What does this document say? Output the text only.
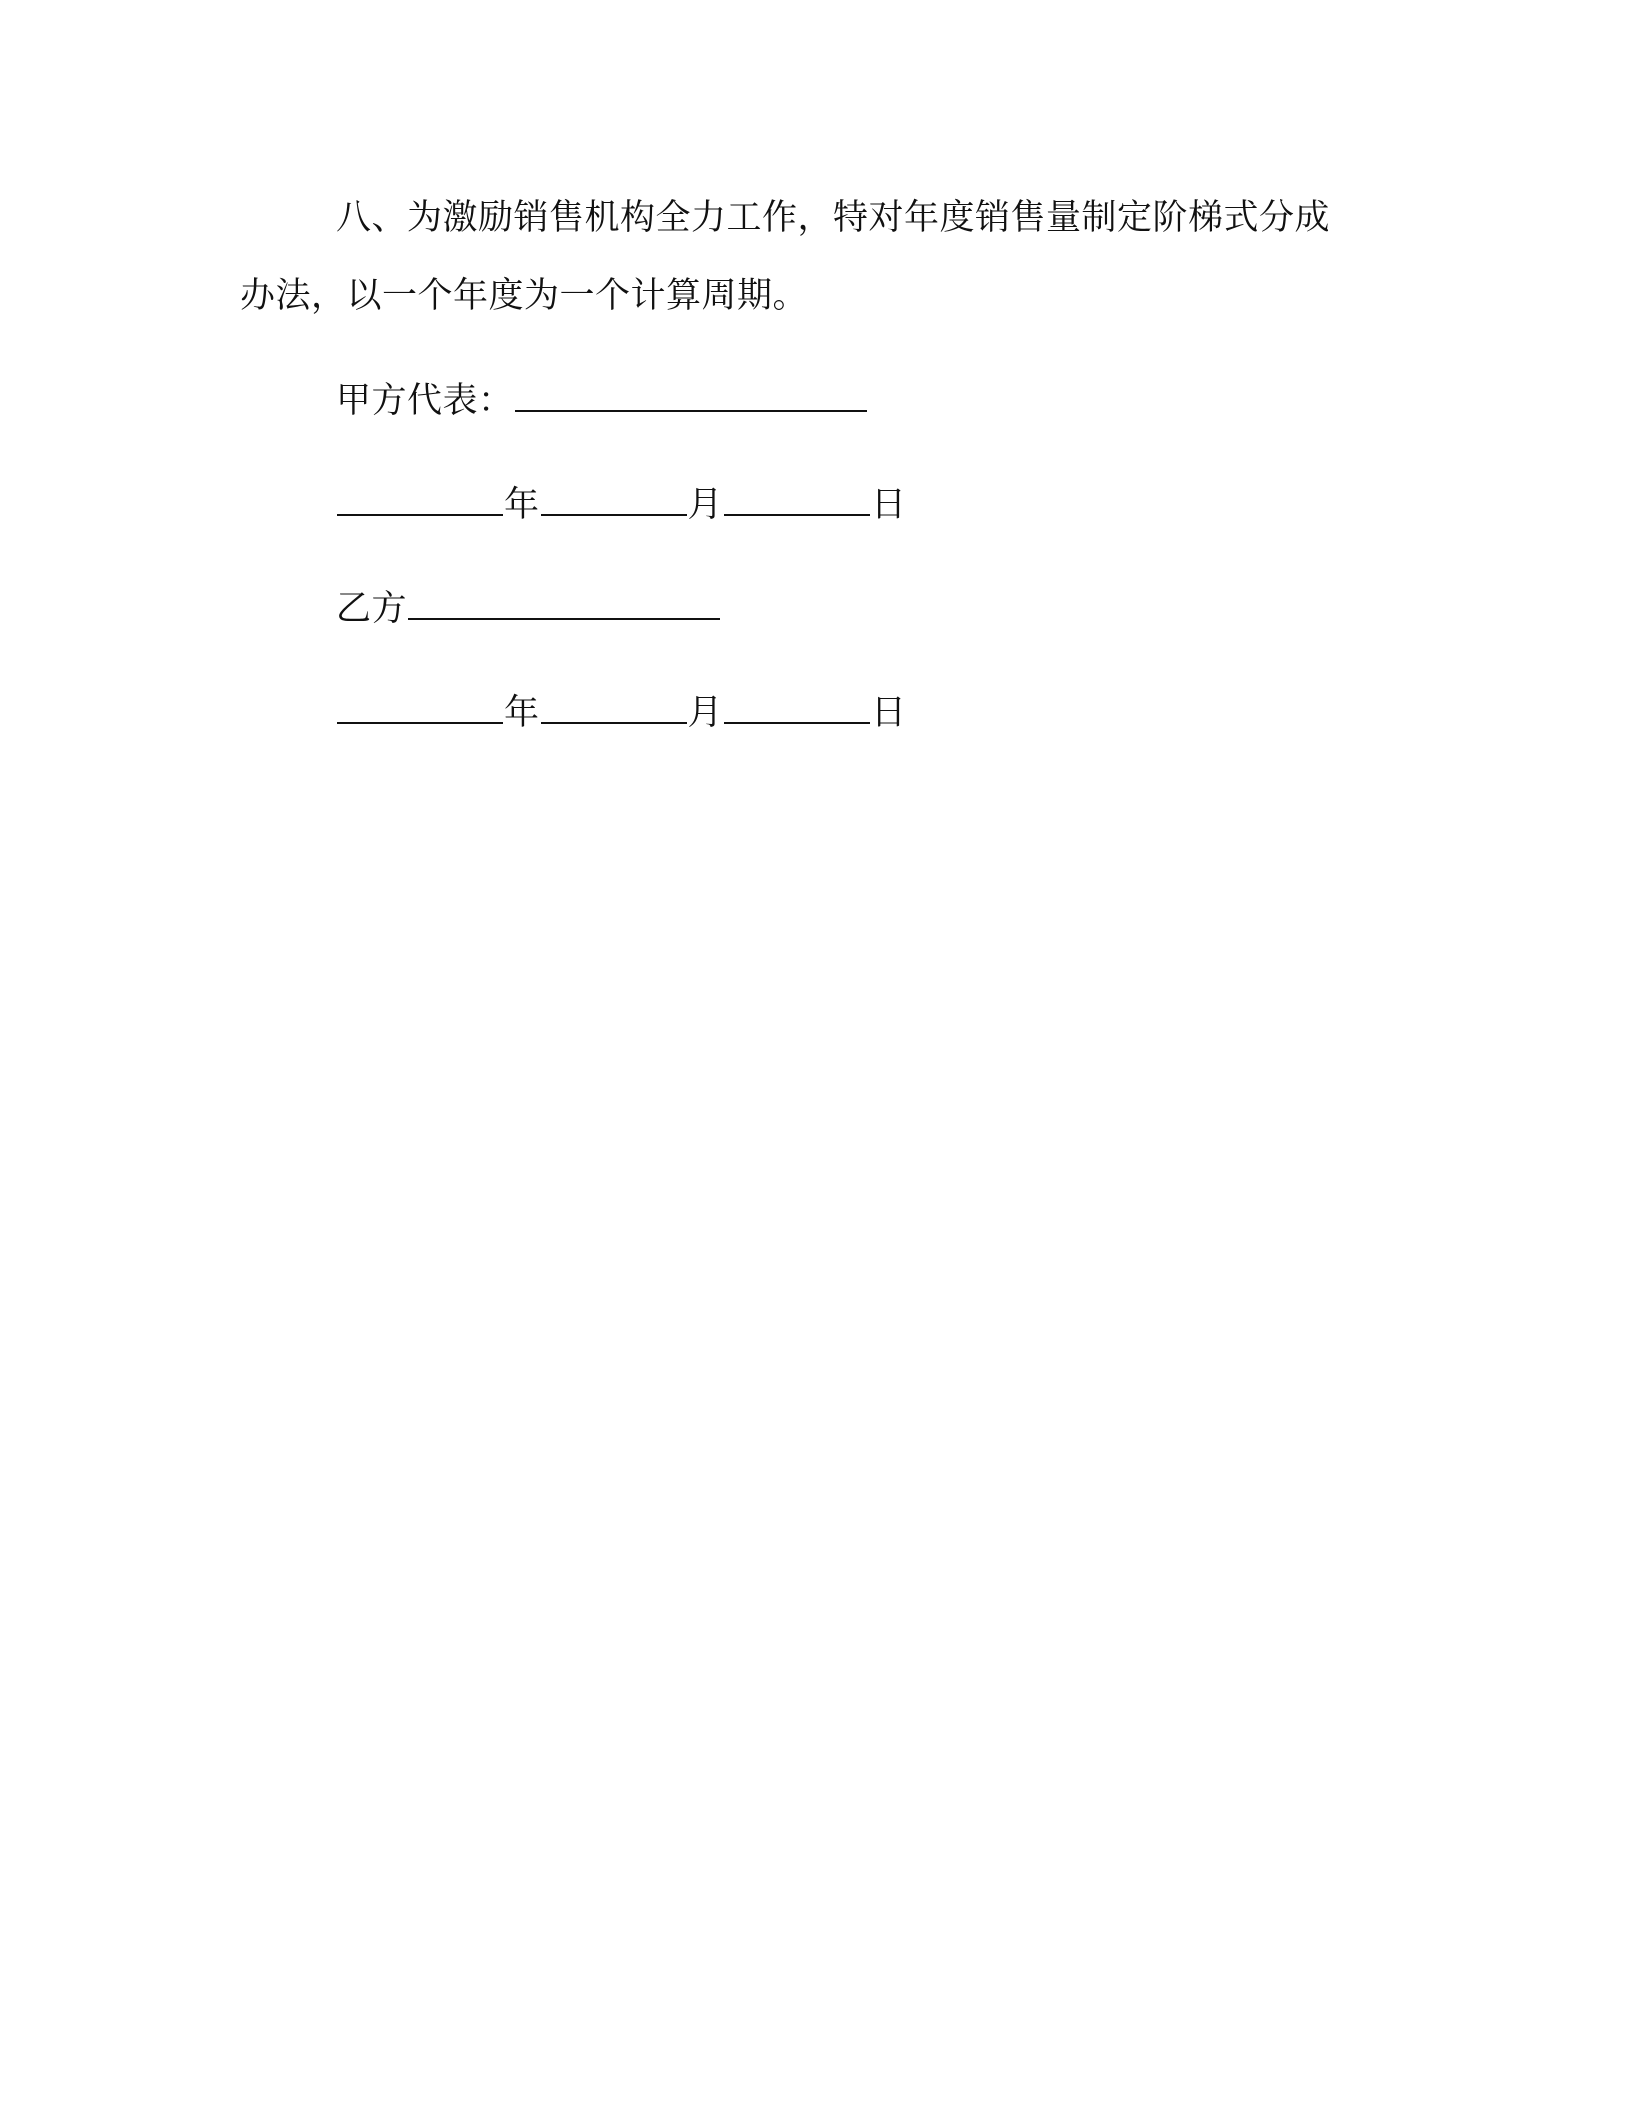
八、为激励销售机构全力工作，特对年度销售量制定阶梯式分成
办法，以一个年度为一个计算周期。
甲方代表：
年	月	日
乙方
年	月	日
